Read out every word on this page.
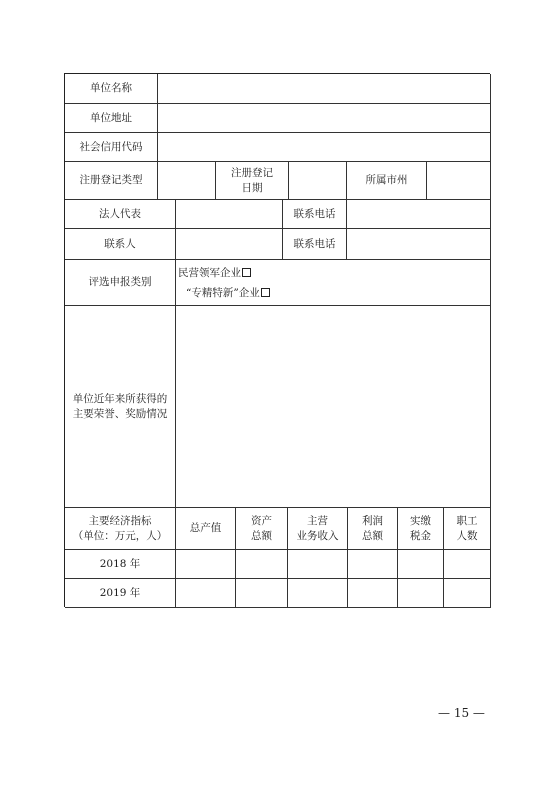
单位名称
单位地址
社会信用代码
注册登记类型
注册登记
日期
所属市州
法人代表	联系电话
联系人	联系电话
评选申报类别
单位近年来所获得的
主要荣誉、奖励情况
主要经济指标
（单位：万元，人）
总产值
资产
总额
主营
业务收入
利润
总额
实缴
税金
职工
人数
2018 年
2019 年
民营领军企业
“专精特新”企业
— 15 —
